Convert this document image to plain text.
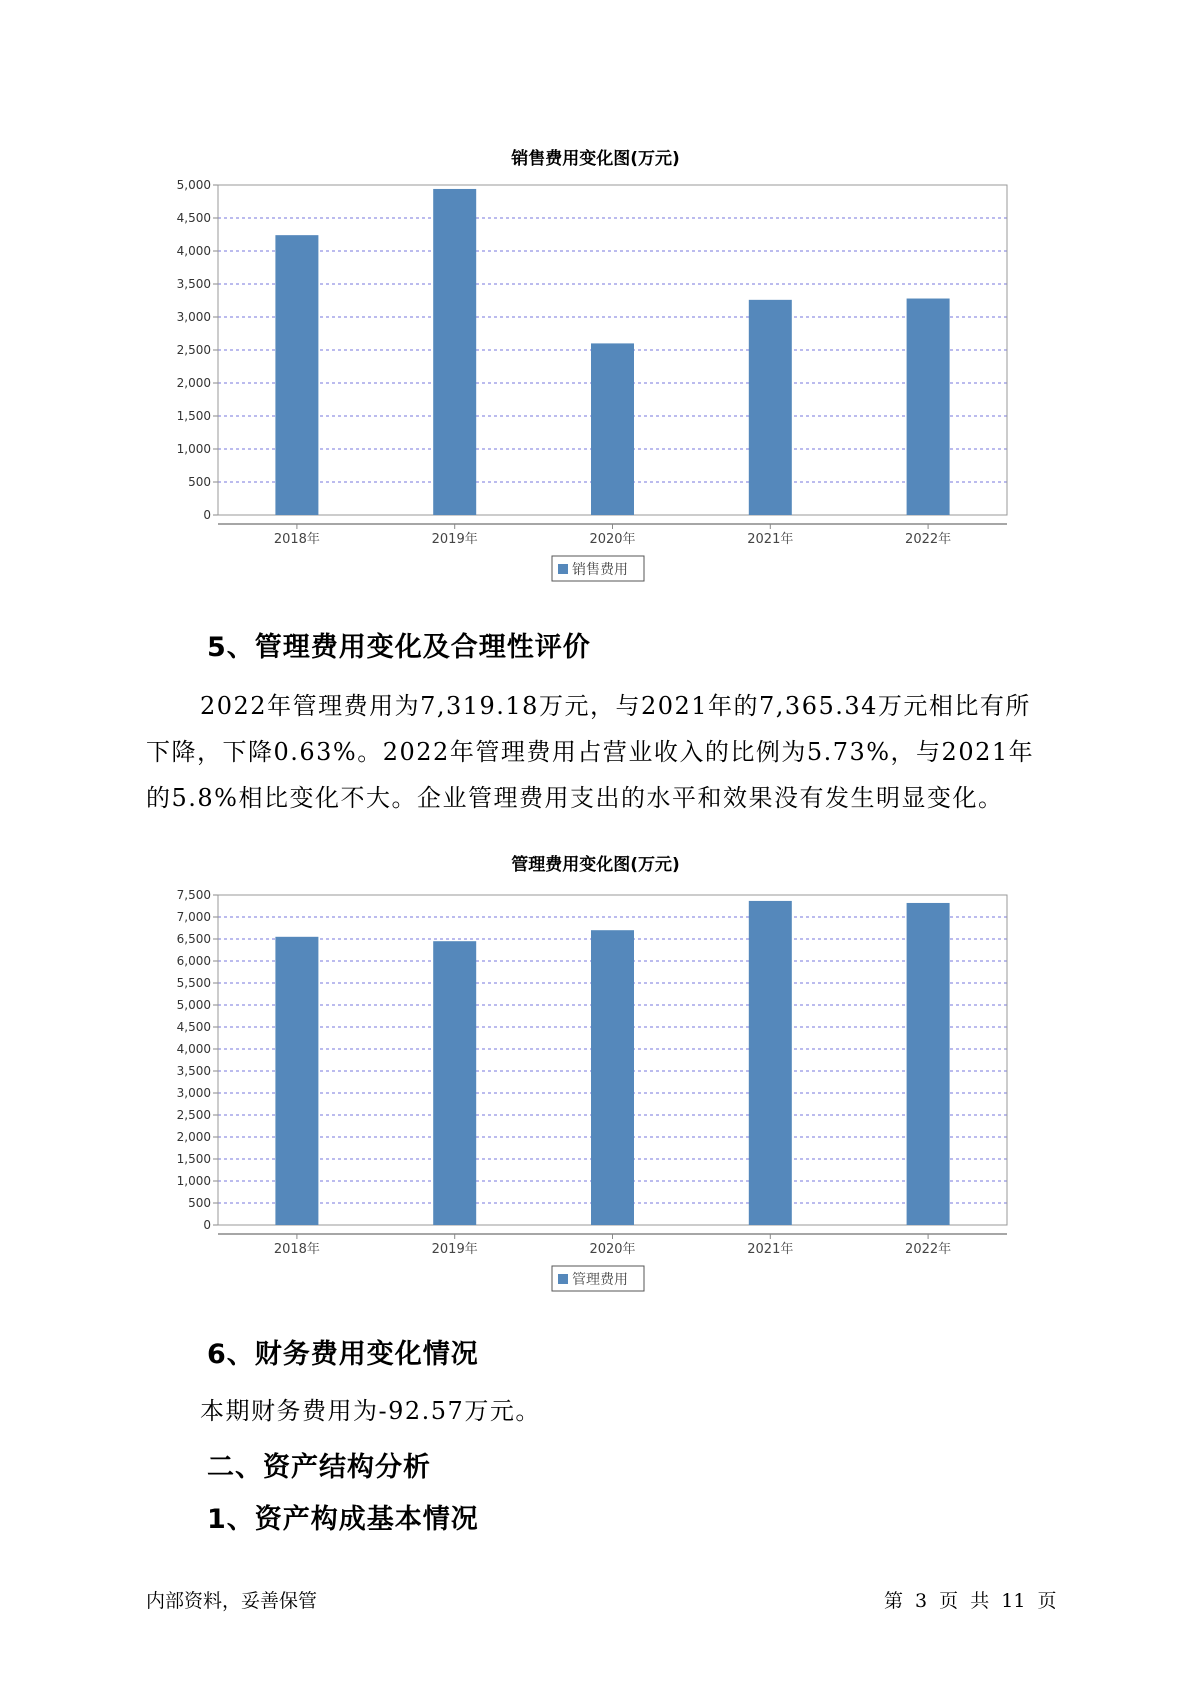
销售费用变化图(万元)
0
500
1,000
1,500
2,000
2,500
3,000
3,500
4,000
4,500
5,000
2018年	2019年	2020年	2021年	2022年
销售费用
5、管理费用变化及合理性评价
2022年管理费用为7,319.18万元，与2021年的7,365.34万元相比有所下降，下降0.63%。2022年管理费用占营业收入的比例为5.73%，与2021年的5.8%相比变化不大。企业管理费用支出的水平和效果没有发生明显变化。
管理费用变化图(万元)
0
500
1,000
1,500
2,000
2,500
3,000
3,500
4,000
4,500
5,000
5,500
6,000
6,500
7,000
7,500
2018年	2019年	2020年	2021年	2022年
管理费用
6、财务费用变化情况
本期财务费用为-92.57万元。
二、资产结构分析
1、资产构成基本情况
内部资料，妥善保管	第 3 页 共 11 页
